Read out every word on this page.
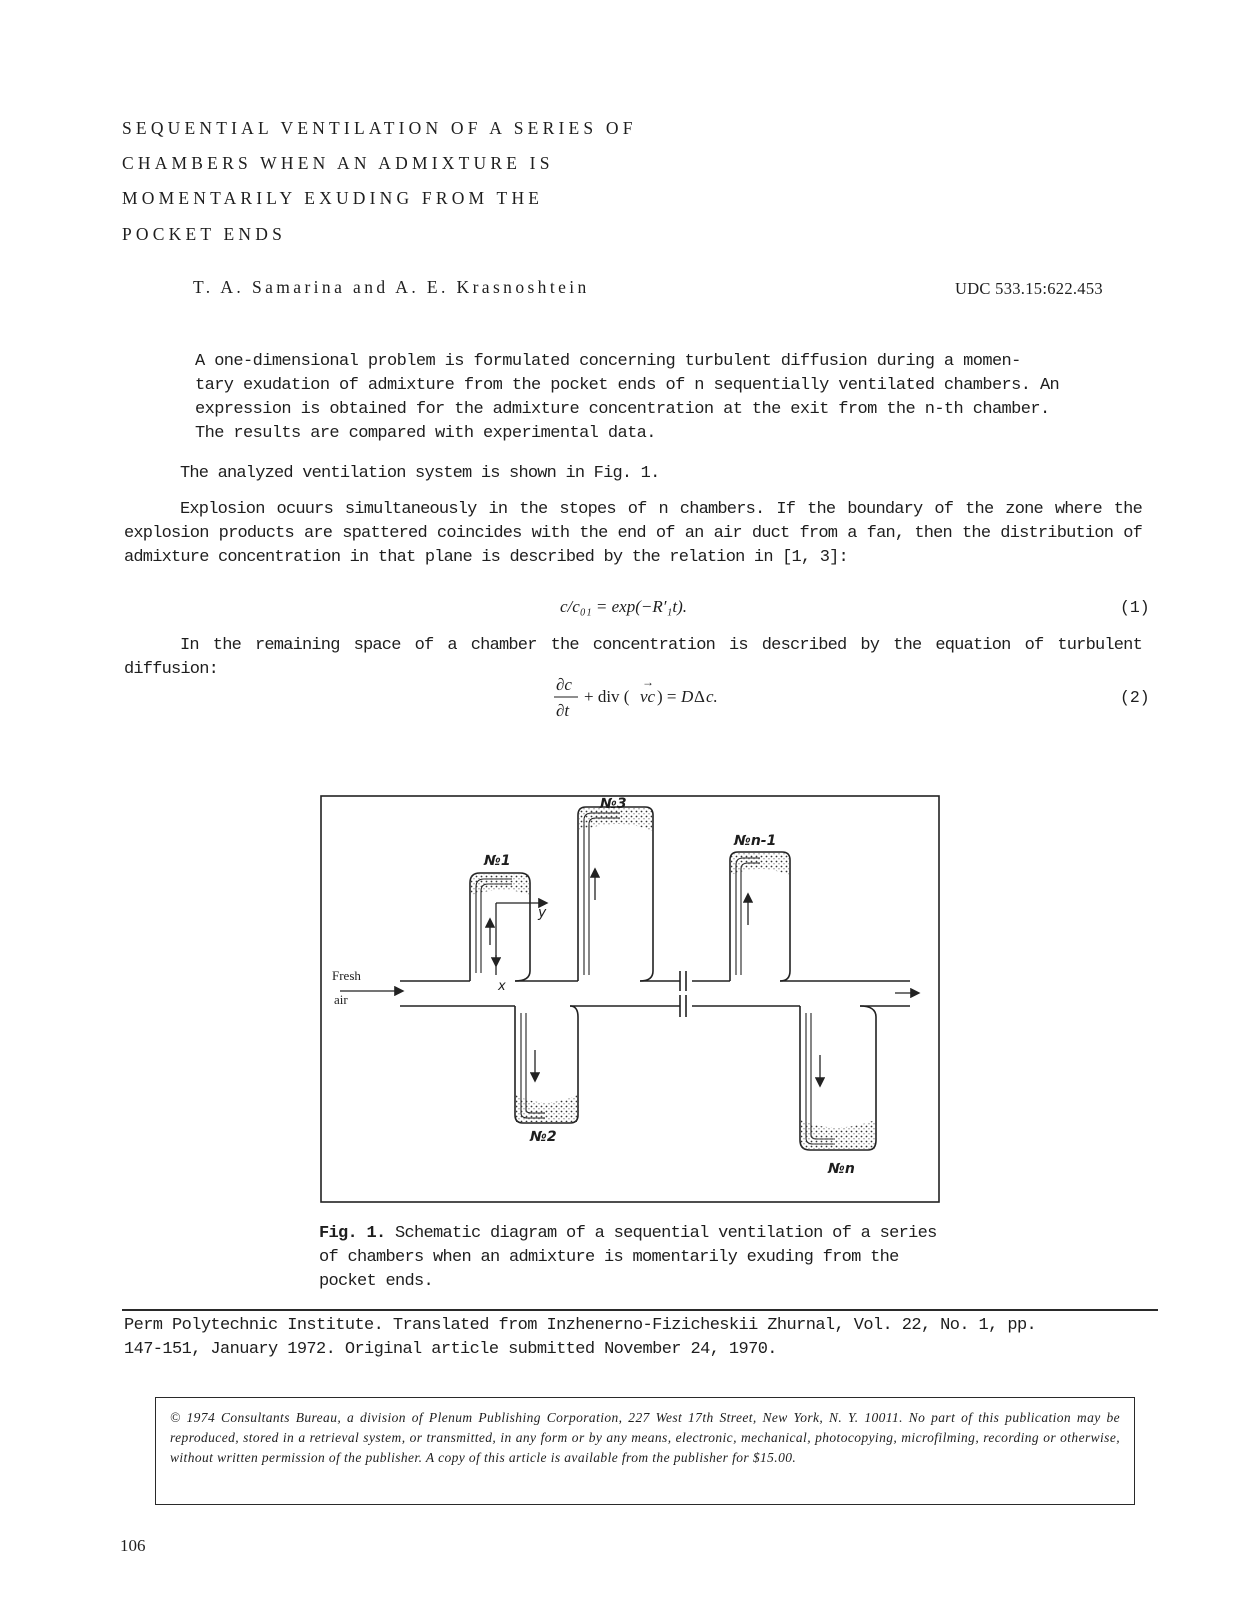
SEQUENTIAL VENTILATION OF A SERIES OF
CHAMBERS WHEN AN ADMIXTURE IS
MOMENTARILY EXUDING FROM THE
POCKET ENDS
T. A. Samarina and A. E. Krasnoshtein	UDC 533.15:622.453

A one-dimensional problem is formulated concerning turbulent diffusion during a momen-

tary exudation of admixture from the pocket ends of n sequentially ventilated chambers. An

expression is obtained for the admixture concentration at the exit from the n-th chamber.

The results are compared with experimental data.

The analyzed ventilation system is shown in Fig. 1.

Explosion ocuurs simultaneously in the stopes of n chambers. If the boundary of the zone where the explosion products are spattered coincides with the end of an air duct from a fan, then the distribution of admixture concentration in that plane is described by the relation in [1, 3]:

c/c₀₁ = exp(−R′₁t).	(1)

In the remaining space of a chamber the concentration is described by the equation of turbulent diffusion:

∂c
∂t
+ div ( vc
→
) = D Δ c.	(2)
№1
№3
№n-1
№2
№n
x
y
Fresh
air
Fig. 1. Schematic diagram of a sequential ventilation of a series of chambers when an admixture is momentarily exuding from the pocket ends.
Perm Polytechnic Institute. Translated from Inzhenerno-Fizicheskii Zhurnal, Vol. 22, No. 1, pp.
147-151, January 1972. Original article submitted November 24, 1970.
© 1974 Consultants Bureau, a division of Plenum Publishing Corporation, 227 West 17th Street, New York, N. Y. 10011. No part of this publication may be reproduced, stored in a retrieval system, or transmitted, in any form or by any means, electronic, mechanical, photocopying, microfilming, recording or otherwise, without written permission of the publisher. A copy of this article is available from the publisher for $15.00.
106
